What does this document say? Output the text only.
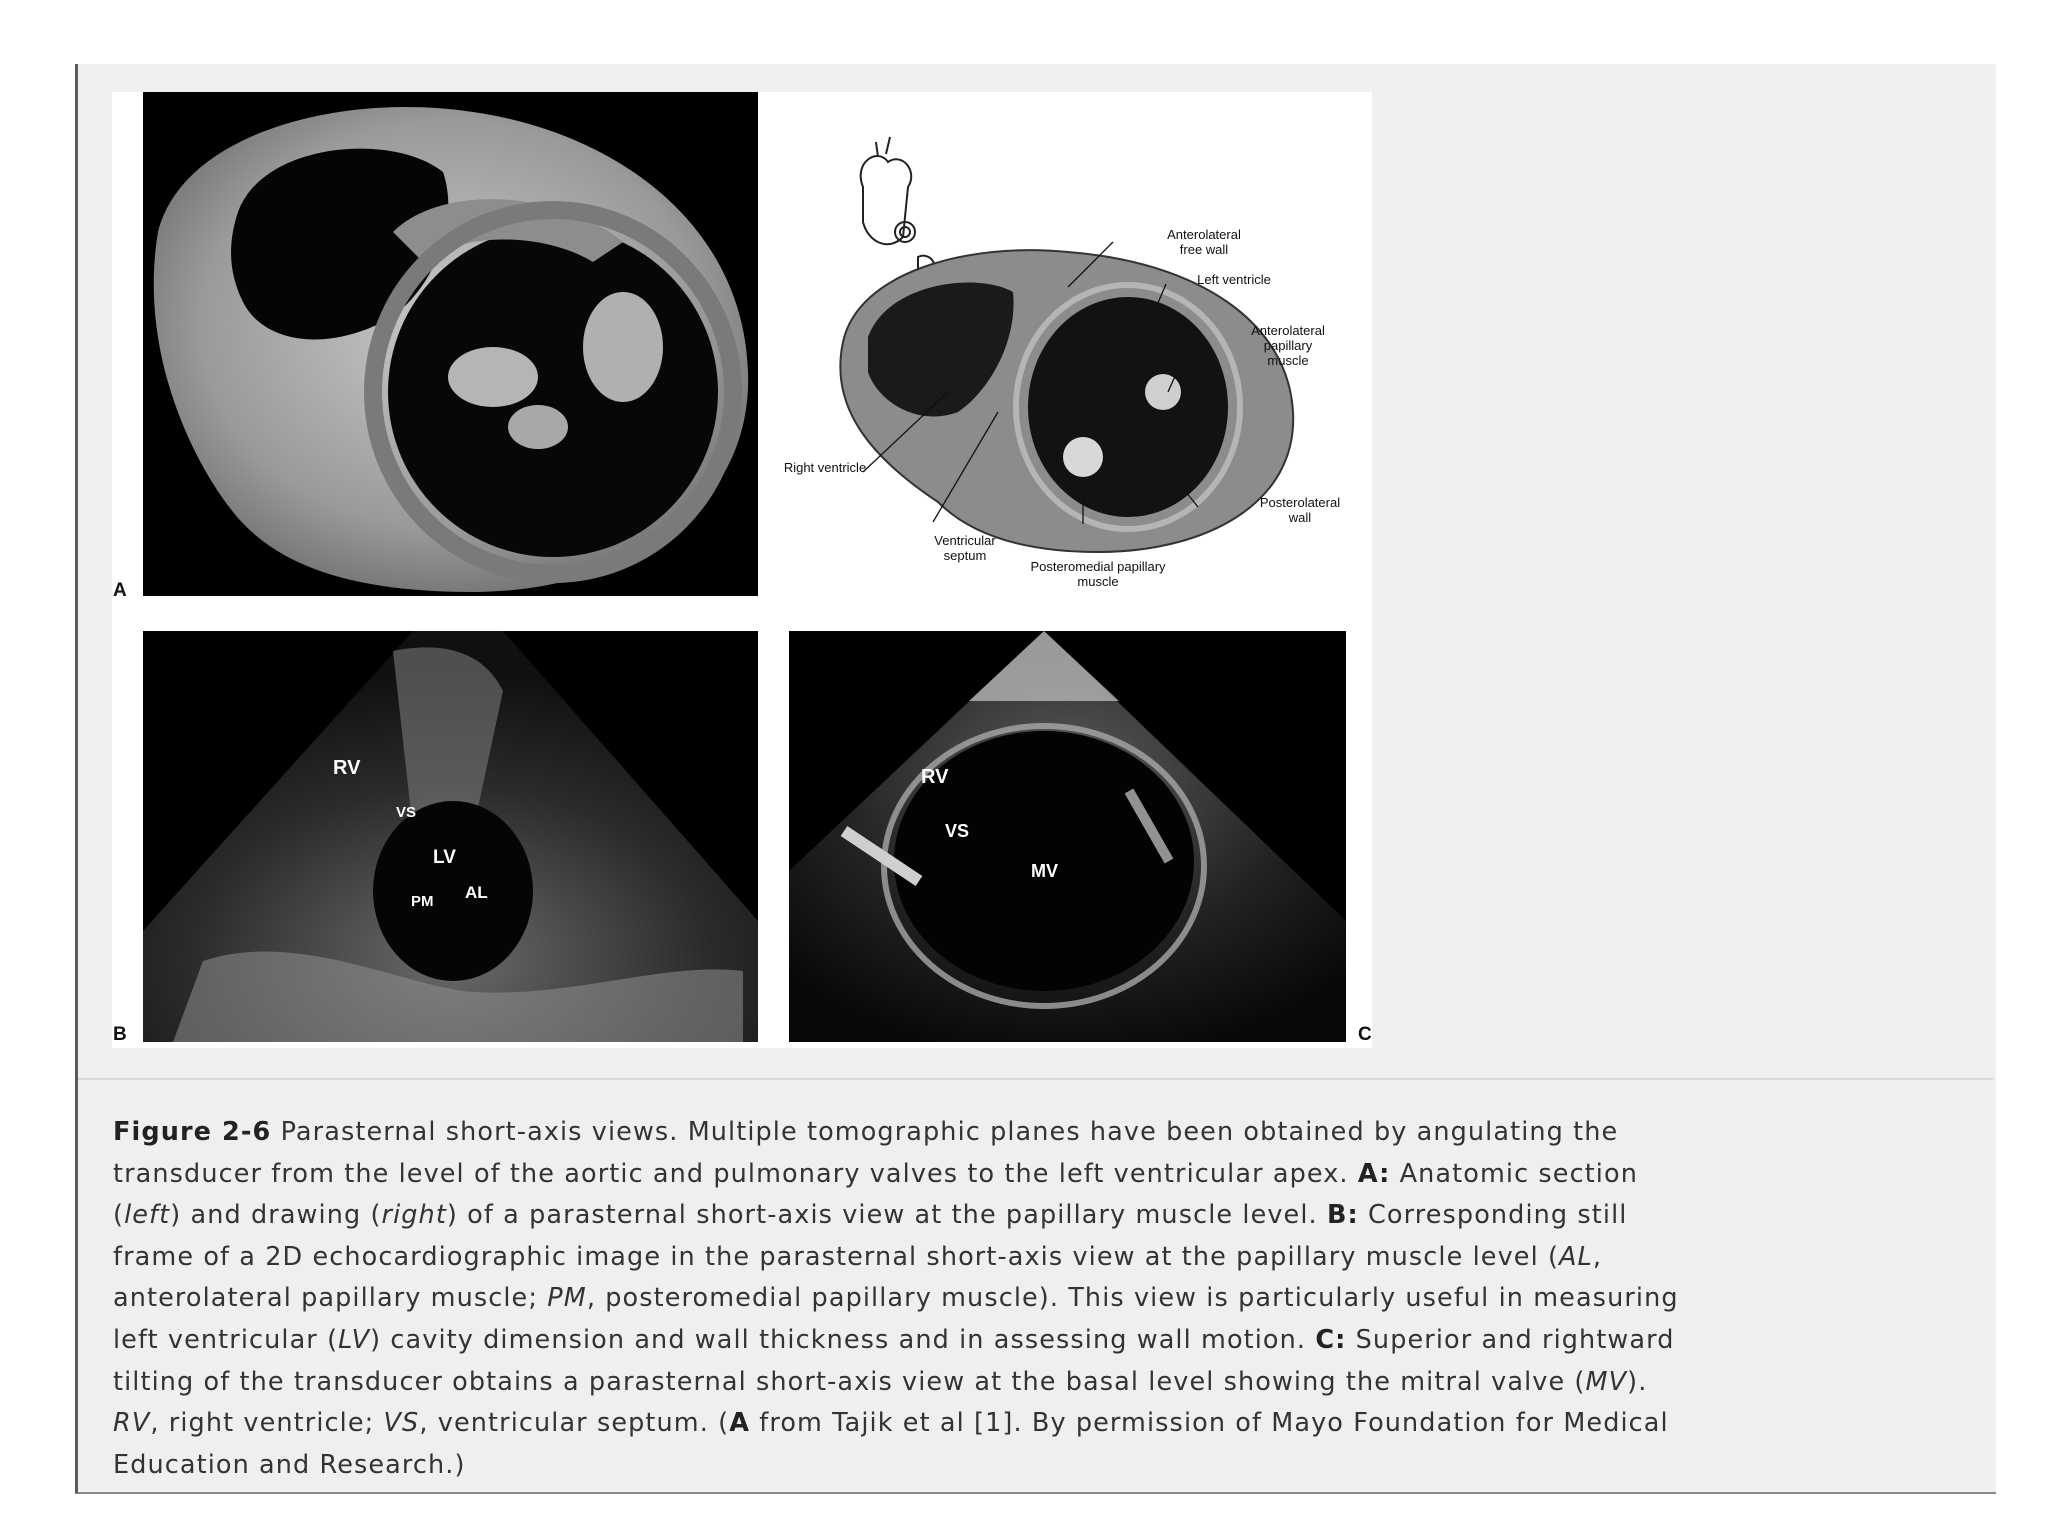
A
Anterolateral
free wall
Left ventricle
Anterolateral
papillary
muscle
Right ventricle
Posterolateral
wall
Ventricular
septum
Posteromedial papillary
muscle
RV
VS
LV
PM AL
B
RV
VS
MV
C

Figure 2-6 Parasternal short-axis views. Multiple tomographic planes have been obtained by angulating the
transducer from the level of the aortic and pulmonary valves to the left ventricular apex. A: Anatomic section
(left) and drawing (right) of a parasternal short-axis view at the papillary muscle level. B: Corresponding still
frame of a 2D echocardiographic image in the parasternal short-axis view at the papillary muscle level (AL,
anterolateral papillary muscle; PM, posteromedial papillary muscle). This view is particularly useful in measuring
left ventricular (LV) cavity dimension and wall thickness and in assessing wall motion. C: Superior and rightward
tilting of the transducer obtains a parasternal short-axis view at the basal level showing the mitral valve (MV).
RV, right ventricle; VS, ventricular septum. (A from Tajik et al [1]. By permission of Mayo Foundation for Medical
Education and Research.)
